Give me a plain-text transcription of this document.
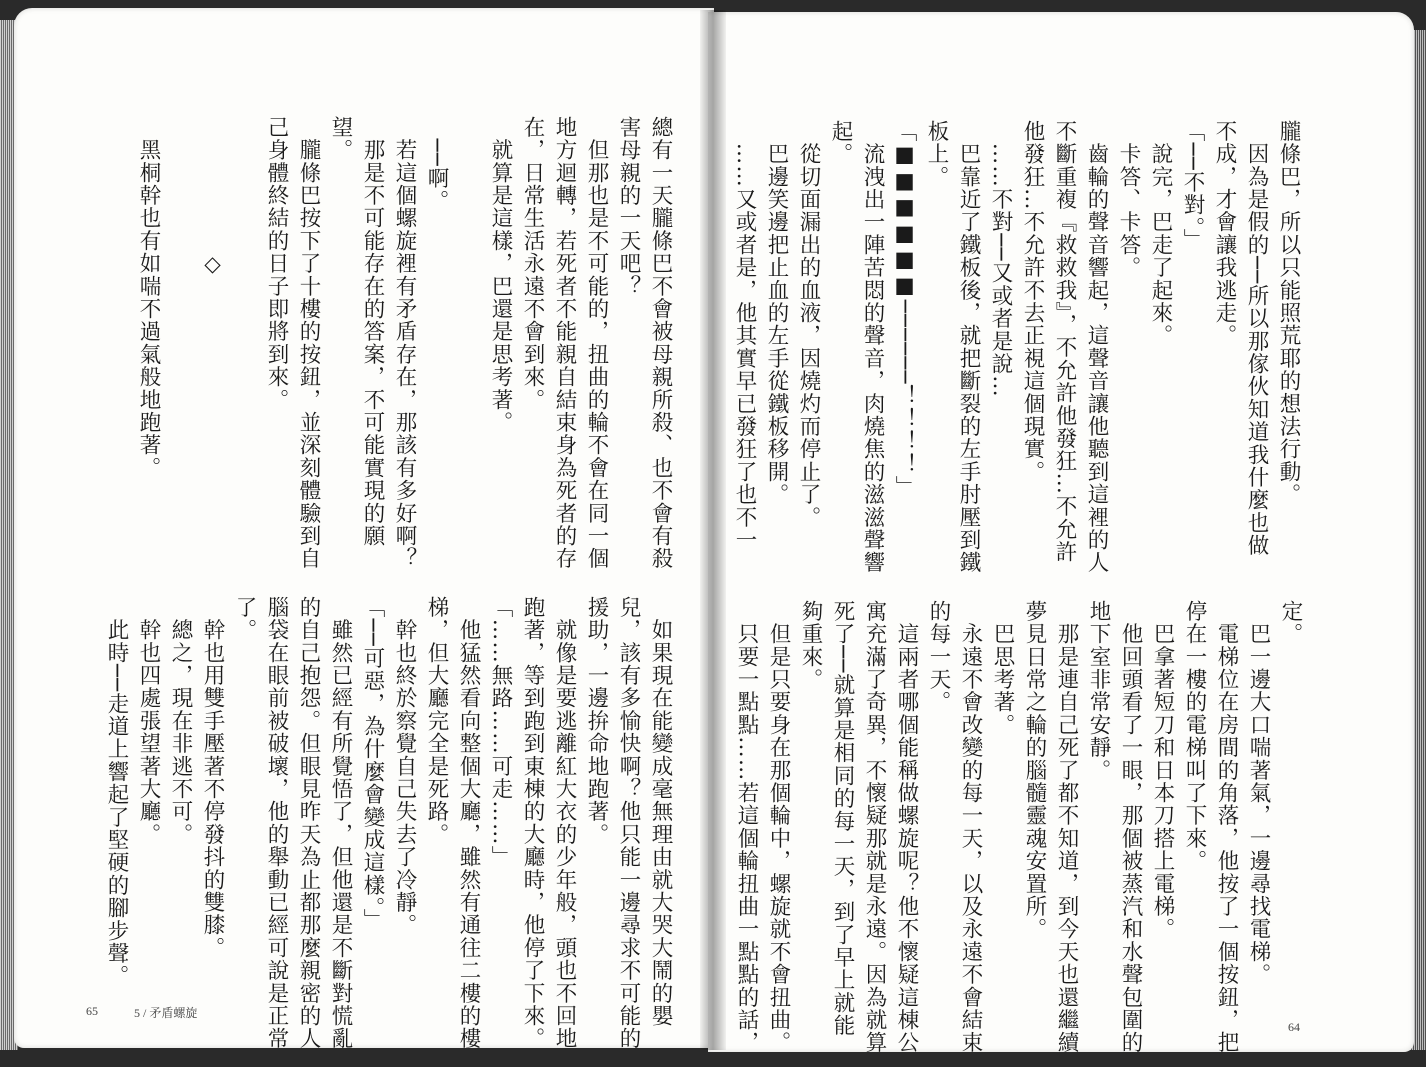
總有一天朧條巴不會被母親所殺、也不會有殺

害母親的一天吧？

　但那也是不可能的，扭曲的輪不會在同一個

地方迴轉，若死者不能親自結束身為死者的存

在，日常生活永遠不會到來。

　就算是這樣，巴還是思考著。

　──啊。

　若這個螺旋裡有矛盾存在，那該有多好啊？

　那是不可能存在的答案，不可能實現的願

望。

　朧條巴按下了十樓的按鈕，並深刻體驗到自

己身體終結的日子即將到來。

　　　　　　◇

　黑桐幹也有如喘不過氣般地跑著。

　如果現在能變成毫無理由就大哭大鬧的嬰

兒，該有多愉快啊？他只能一邊尋求不可能的

援助，一邊拚命地跑著。

　就像是要逃離紅大衣的少年般，頭也不回地

跑著，等到跑到東棟的大廳時，他停了下來。

「……無路……可走……」

　他猛然看向整個大廳，雖然有通往二樓的樓

梯，但大廳完全是死路。

　幹也終於察覺自己失去了冷靜。

「──可惡，為什麼會變成這樣。」

　雖然已經有所覺悟了，但他還是不斷對慌亂

的自己抱怨。但眼見昨天為止都那麼親密的人

腦袋在眼前被破壞，他的舉動已經可說是正常

了。

　幹也用雙手壓著不停發抖的雙膝。

　總之，現在非逃不可。

　幹也四處張望著大廳。

　此時──走道上響起了堅硬的腳步聲。

65	5 / 矛盾螺旋

朧條巴，所以只能照荒耶的想法行動。

　因為是假的──所以那傢伙知道我什麼也做

不成，才會讓我逃走。

「──不對。」

　說完，巴走了起來。

　卡答、卡答。

　齒輪的聲音響起，這聲音讓他聽到這裡的人

不斷重複『救救我』，不允許他發狂…不允許

他發狂…不允許不去正視這個現實。

　……不對──又或者是說…

　巴靠近了鐵板後，就把斷裂的左手肘壓到鐵

板上。

「■■■■■■──────！！！！」

　流洩出一陣苦悶的聲音，肉燒焦的滋滋聲響

起。

　從切面漏出的血液，因燒灼而停止了。

　巴邊笑邊把止血的左手從鐵板移開。

　……又或者是，他其實早已發狂了也不一

定。

　巴一邊大口喘著氣，一邊尋找電梯。

　電梯位在房間的角落，他按了一個按鈕，把

停在一樓的電梯叫了下來。

　巴拿著短刀和日本刀搭上電梯。

　他回頭看了一眼，那個被蒸汽和水聲包圍的

地下室非常安靜。

　那是連自己死了都不知道，到今天也還繼續

夢見日常之輪的腦髓靈魂安置所。

　巴思考著。

　永遠不會改變的每一天，以及永遠不會結束

的每一天。

　這兩者哪個能稱做螺旋呢？他不懷疑這棟公

寓充滿了奇異，不懷疑那就是永遠。因為就算

死了──就算是相同的每一天，到了早上就能

夠重來。

　但是只要身在那個輪中，螺旋就不會扭曲。

　只要一點點……若這個輪扭曲一點點的話，	64
